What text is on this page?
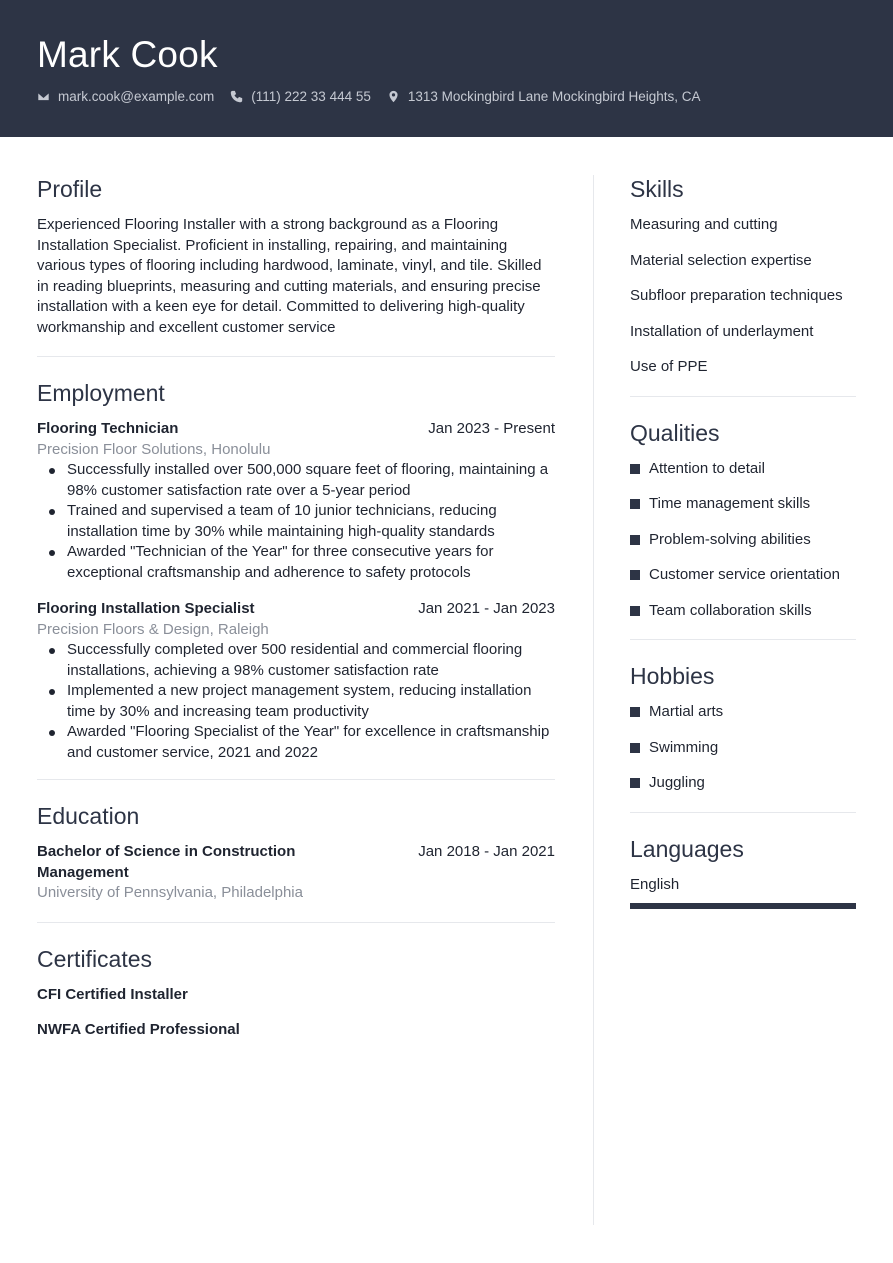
Mark Cook
mark.cook@example.com	(111) 222 33 444 55	1313 Mockingbird Lane Mockingbird Heights, CA
Profile

Experienced Flooring Installer with a strong background as a Flooring Installation Specialist. Proficient in installing, repairing, and maintaining various types of flooring including hardwood, laminate, vinyl, and tile. Skilled in reading blueprints, measuring and cutting materials, and ensuring precise installation with a keen eye for detail. Committed to delivering high-quality workmanship and excellent customer service

Employment
Flooring Technician	Jan 2023 - Present
Precision Floor Solutions, Honolulu
Successfully installed over 500,000 square feet of flooring, maintaining a 98% customer satisfaction rate over a 5-year period
Trained and supervised a team of 10 junior technicians, reducing installation time by 30% while maintaining high-quality standards
Awarded "Technician of the Year" for three consecutive years for exceptional craftsmanship and adherence to safety protocols
Flooring Installation Specialist	Jan 2021 - Jan 2023
Precision Floors & Design, Raleigh
Successfully completed over 500 residential and commercial flooring installations, achieving a 98% customer satisfaction rate
Implemented a new project management system, reducing installation time by 30% and increasing team productivity
Awarded "Flooring Specialist of the Year" for excellence in craftsmanship and customer service, 2021 and 2022
Education
Bachelor of Science in Construction Management
Jan 2018 - Jan 2021
University of Pennsylvania, Philadelphia
Certificates
CFI Certified Installer
NWFA Certified Professional
Skills
Measuring and cutting
Material selection expertise
Subfloor preparation techniques
Installation of underlayment
Use of PPE
Qualities
Attention to detail
Time management skills
Problem-solving abilities
Customer service orientation
Team collaboration skills
Hobbies
Martial arts
Swimming
Juggling
Languages
English
